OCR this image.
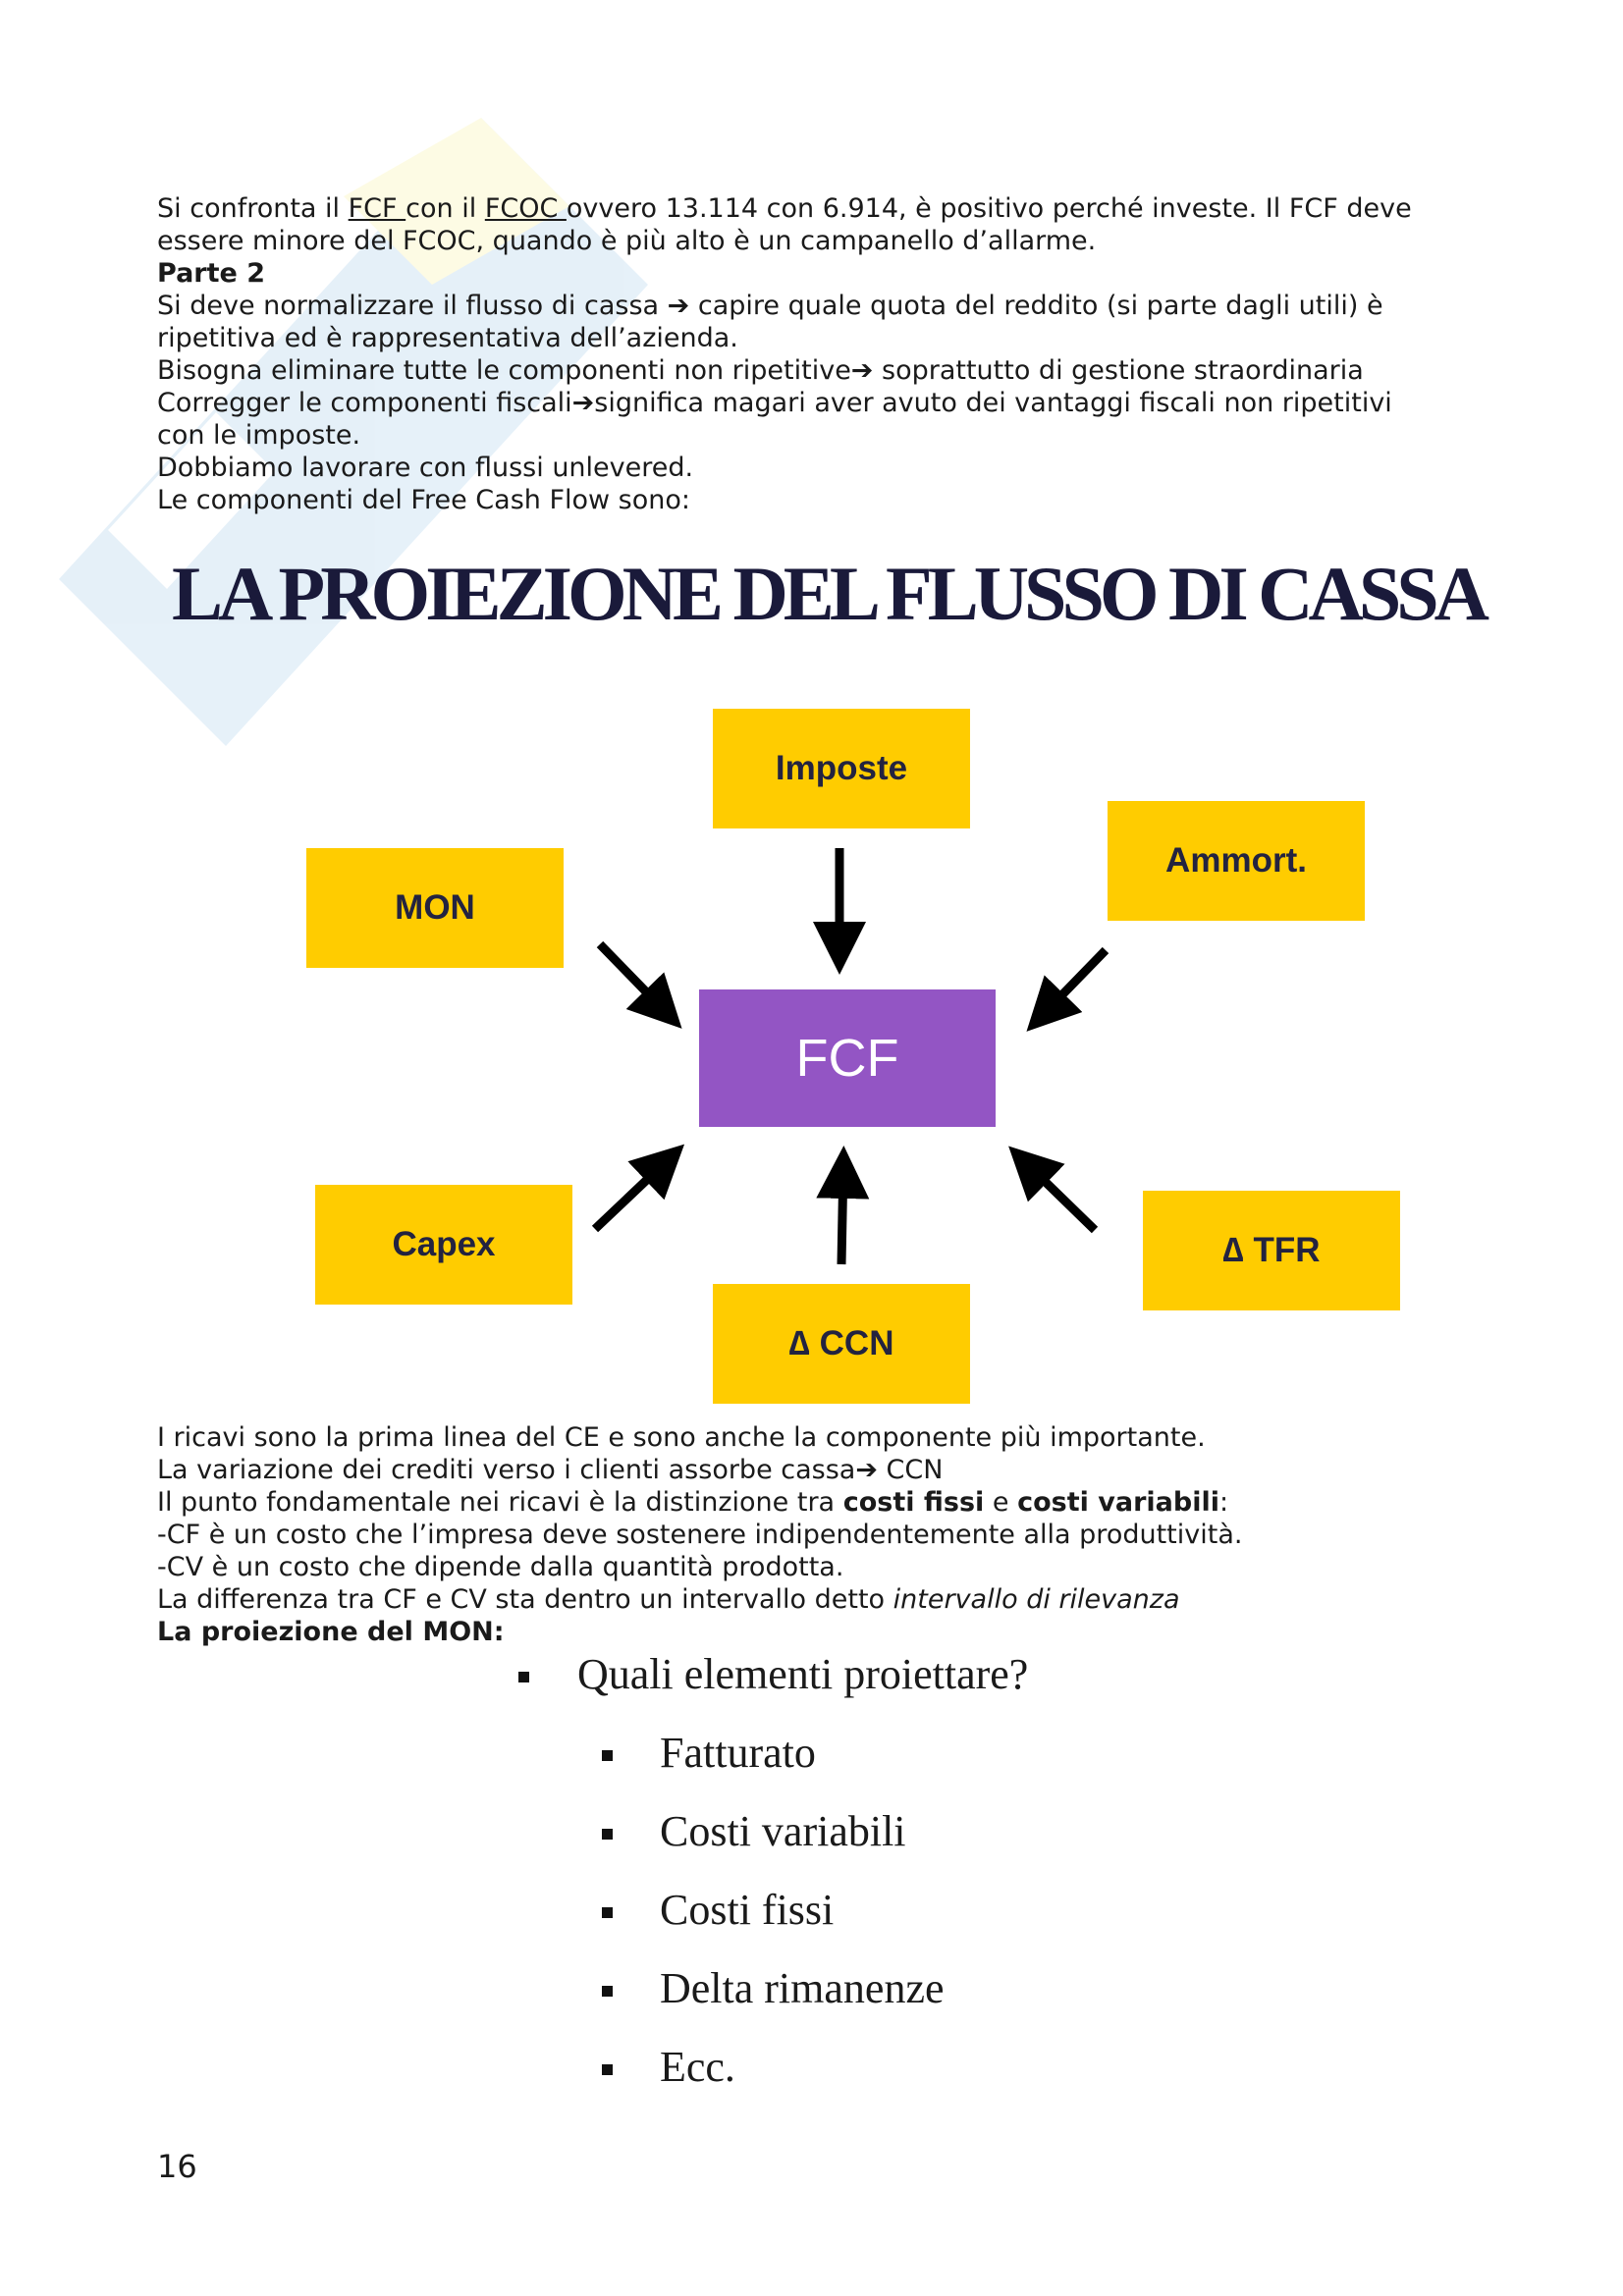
Si confronta il FCF con il FCOC ovvero 13.114 con 6.914, è positivo perché investe. Il FCF deve

essere minore del FCOC, quando è più alto è un campanello d’allarme.

Parte 2

Si deve normalizzare il flusso di cassa ➔ capire quale quota del reddito (si parte dagli utili) è

ripetitiva ed è rappresentativa dell’azienda.

Bisogna eliminare tutte le componenti non ripetitive➔ soprattutto di gestione straordinaria

Corregger le componenti fiscali➔significa magari aver avuto dei vantaggi fiscali non ripetitivi

con le imposte.

Dobbiamo lavorare con flussi unlevered.

Le componenti del Free Cash Flow sono:

LA PROIEZIONE DEL FLUSSO DI CASSA
Imposte
Ammort.
MON
FCF
Capex	∆ TFR
∆ CCN

I ricavi sono la prima linea del CE e sono anche la componente più importante.

La variazione dei crediti verso i clienti assorbe cassa➔ CCN

Il punto fondamentale nei ricavi è la distinzione tra costi fissi e costi variabili:

-CF è un costo che l’impresa deve sostenere indipendentemente alla produttività.

-CV è un costo che dipende dalla quantità prodotta.

La differenza tra CF e CV sta dentro un intervallo detto intervallo di rilevanza

La proiezione del MON:

Quali elementi proiettare?
Fatturato
Costi variabili
Costi fissi
Delta rimanenze
Ecc.
16
